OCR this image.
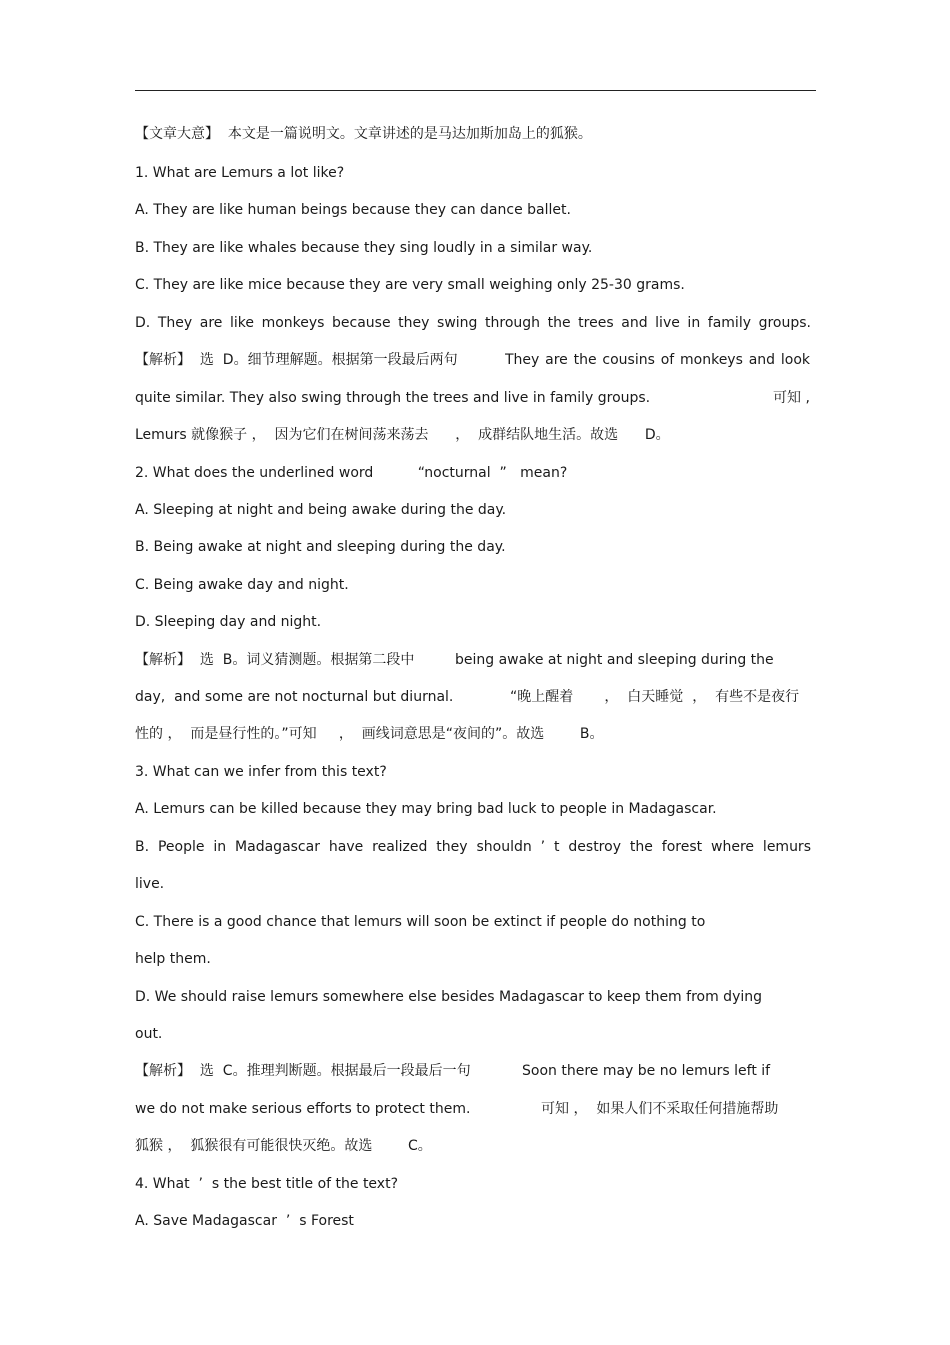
【文章大意】  本文是一篇说明文。文章讲述的是马达加斯加岛上的狐猴。
1. What are Lemurs a lot like?
A. They are like human beings because they can dance ballet.
B. They are like whales because they sing loudly in a similar way.
C. They are like mice because they are very small weighing only 25-30 grams.
D. They are like monkeys because they swing through the trees and live in family groups.
【解析】  选  D。细节理解题。根据第一段最后两句	They are the cousins of monkeys and look
quite similar. They also swing through the trees and live in family groups.	可知 ,
Lemurs 就像猴子 ，  因为它们在树间荡来荡去      ，  成群结队地生活。故选      D。
2. What does the underlined word          “nocturnal  ”   mean?
A. Sleeping at night and being awake during the day.
B. Being awake at night and sleeping during the day.
C. Being awake day and night.
D. Sleeping day and night.
【解析】  选  B。词义猜测题。根据第二段中	being awake at night and sleeping during the
day,  and some are not nocturnal but diurnal.	“晚上醒着       ，  白天睡觉  ，  有些不是夜行
性的 ，  而是昼行性的。”可知     ，  画线词意思是“夜间的”。故选        B。
3. What can we infer from this text?
A. Lemurs can be killed because they may bring bad luck to people in Madagascar.
B. People in Madagascar have realized they shouldn ’ t destroy the forest where lemurs
live.
C. There is a good chance that lemurs will soon be extinct if people do nothing to
help them.
D. We should raise lemurs somewhere else besides Madagascar to keep them from dying
out.
【解析】  选  C。推理判断题。根据最后一段最后一句	Soon there may be no lemurs left if
we do not make serious efforts to protect them.	可知 ，  如果人们不采取任何措施帮助
狐猴 ，  狐猴很有可能很快灭绝。故选        C。
4. What  ’  s the best title of the text?
A. Save Madagascar  ’  s Forest
